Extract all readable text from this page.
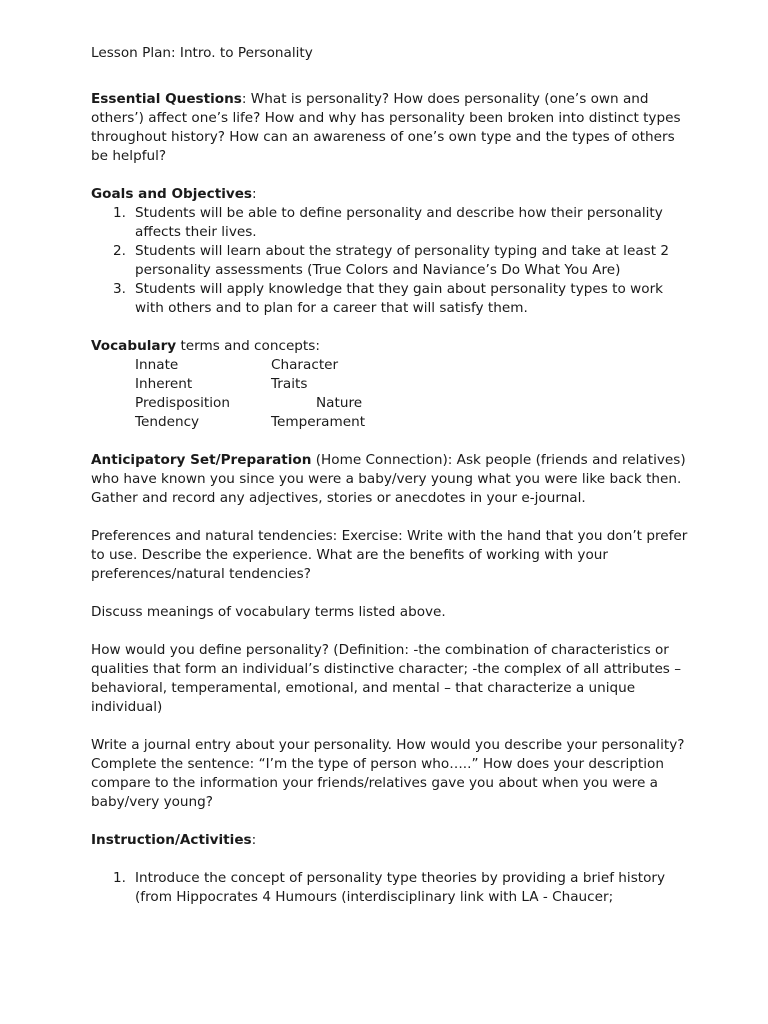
Lesson Plan: Intro. to Personality

Essential Questions: What is personality? How does personality (one’s own and others’) affect one’s life? How and why has personality been broken into distinct types throughout history? How can an awareness of one’s own type and the types of others be helpful?

Goals and Objectives:

1. Students will be able to define personality and describe how their personality affects their lives.
2. Students will learn about the strategy of personality typing and take at least 2 personality assessments (True Colors and Naviance’s Do What You Are)
3. Students will apply knowledge that they gain about personality types to work with others and to plan for a career that will satisfy them.

Vocabulary terms and concepts:

Innate	Character
Inherent	Traits
Predisposition	Nature
Tendency	Temperament

Anticipatory Set/Preparation (Home Connection): Ask people (friends and relatives) who have known you since you were a baby/very young what you were like back then. Gather and record any adjectives, stories or anecdotes in your e-journal.

Preferences and natural tendencies: Exercise: Write with the hand that you don’t prefer to use. Describe the experience. What are the benefits of working with your preferences/natural tendencies?

Discuss meanings of vocabulary terms listed above.

How would you define personality? (Definition: -the combination of characteristics or qualities that form an individual’s distinctive character; -the complex of all attributes – behavioral, temperamental, emotional, and mental – that characterize a unique individual)

Write a journal entry about your personality. How would you describe your personality? Complete the sentence: “I’m the type of person who…..” How does your description compare to the information your friends/relatives gave you about when you were a baby/very young?

Instruction/Activities:

1. Introduce the concept of personality type theories by providing a brief history (from Hippocrates 4 Humours (interdisciplinary link with LA - Chaucer;
